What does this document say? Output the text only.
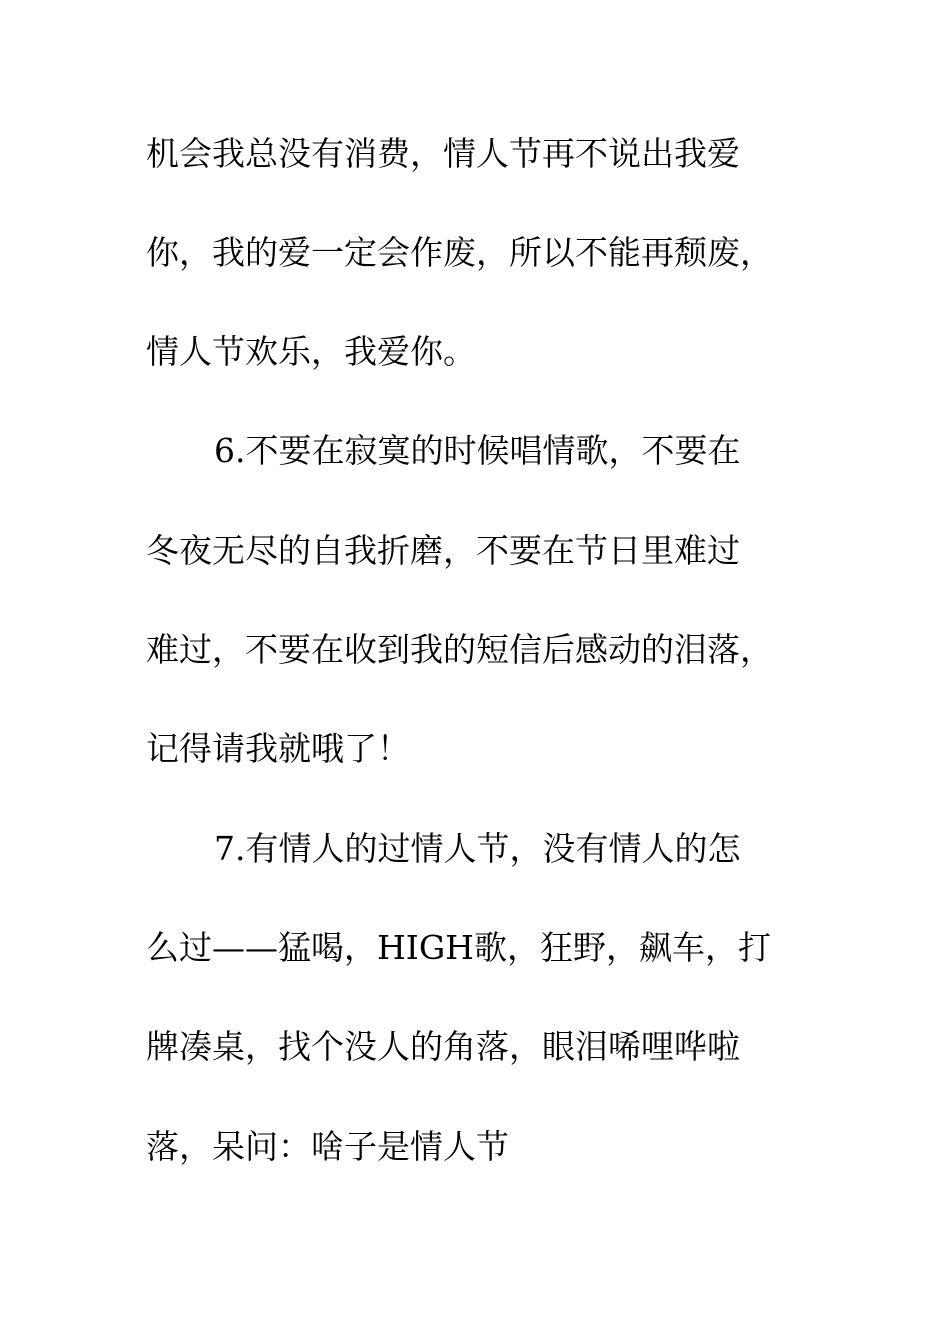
机会我总没有消费，情人节再不说出我爱
你，我的爱一定会作废，所以不能再颓废，
情人节欢乐，我爱你。
6.不要在寂寞的时候唱情歌，不要在
冬夜无尽的自我折磨，不要在节日里难过
难过，不要在收到我的短信后感动的泪落，
记得请我就哦了！
7.有情人的过情人节，没有情人的怎
么过——猛喝，HIGH歌，狂野，飙车，打
牌凑桌，找个没人的角落，眼泪唏哩哗啦
落，呆问：啥子是情人节
